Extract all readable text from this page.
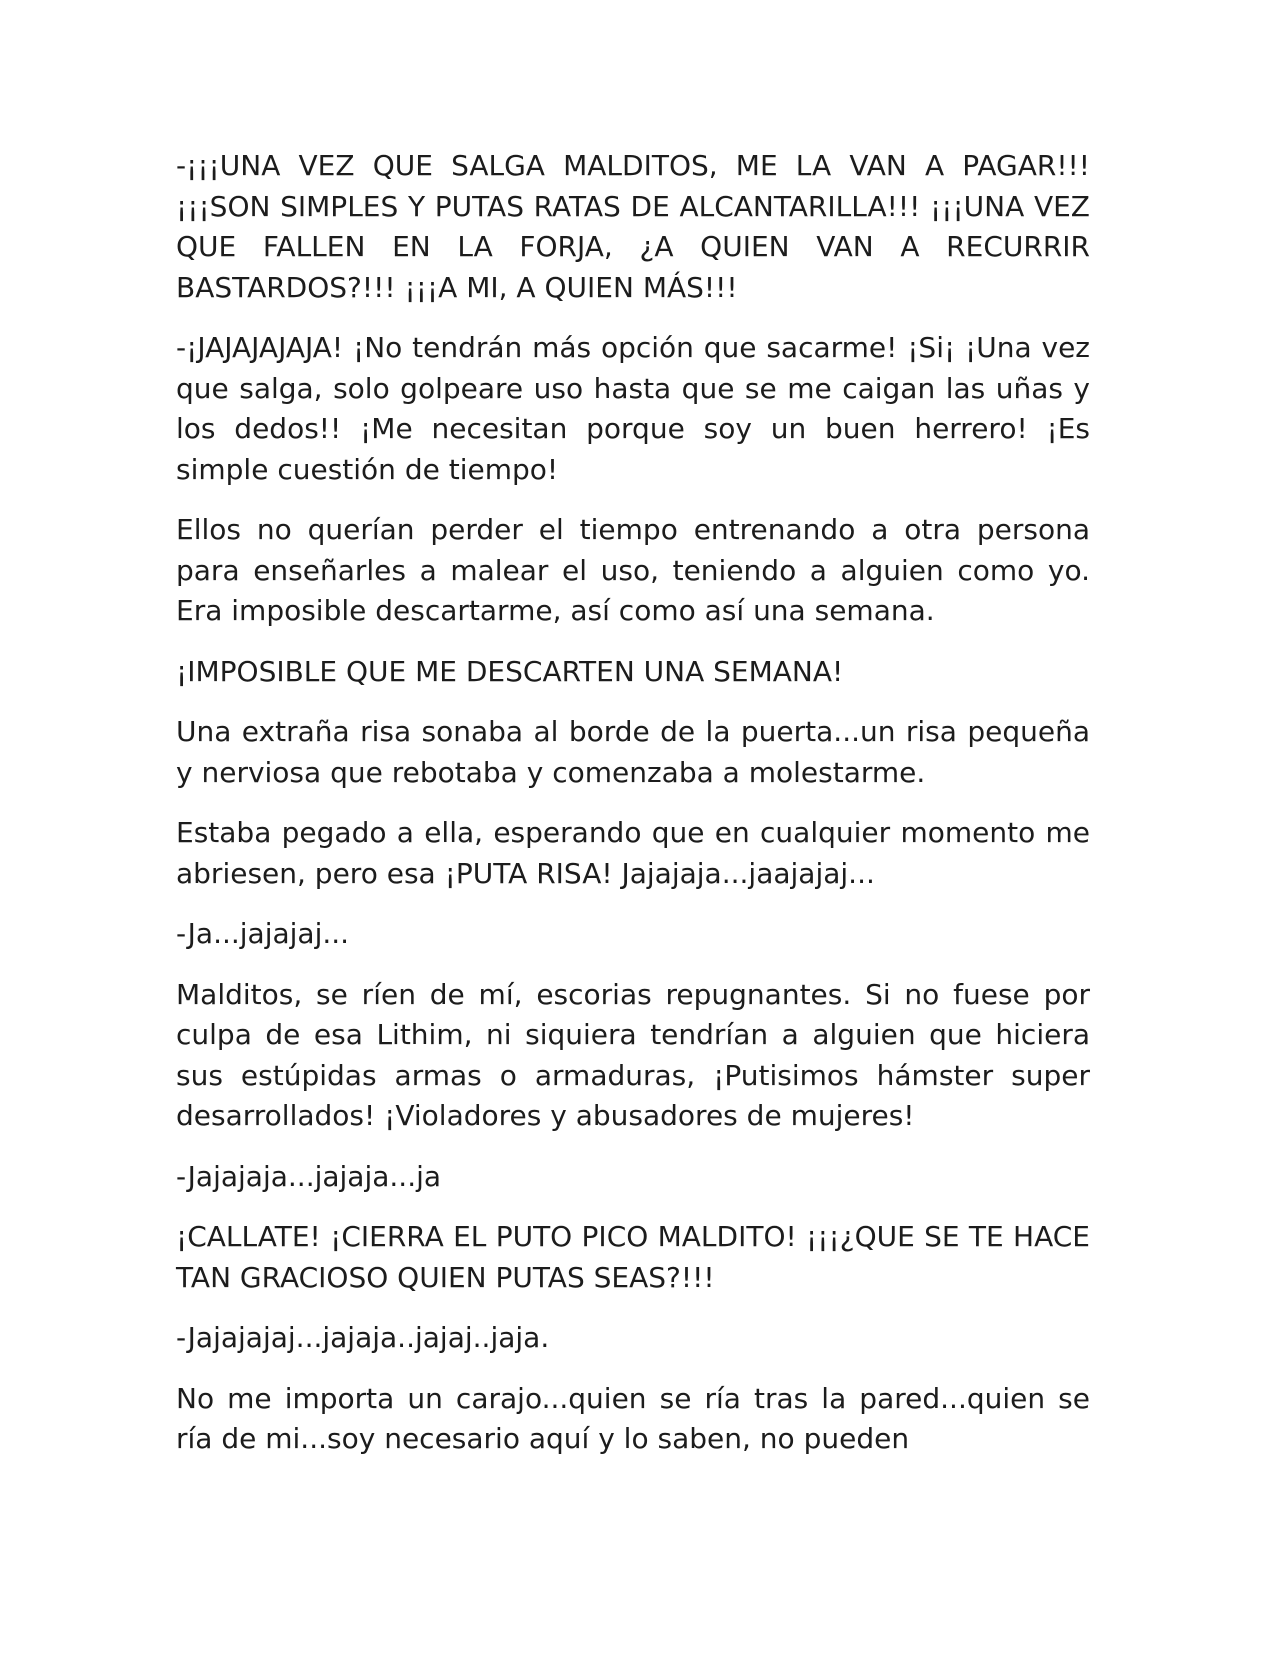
-¡¡¡UNA VEZ QUE SALGA MALDITOS, ME LA VAN A PAGAR!!! ¡¡¡SON SIMPLES Y PUTAS RATAS DE ALCANTARILLA!!! ¡¡¡UNA VEZ QUE FALLEN EN LA FORJA, ¿A QUIEN VAN A RECURRIR BASTARDOS?!!! ¡¡¡A MI, A QUIEN MÁS!!!

-¡JAJAJAJAJA! ¡No tendrán más opción que sacarme! ¡Si¡ ¡Una vez que salga, solo golpeare uso hasta que se me caigan las uñas y los dedos!! ¡Me necesitan porque soy un buen herrero! ¡Es simple cuestión de tiempo!

Ellos no querían perder el tiempo entrenando a otra persona para enseñarles a malear el uso, teniendo a alguien como yo. Era imposible descartarme, así como así una semana.

¡IMPOSIBLE QUE ME DESCARTEN UNA SEMANA!

Una extraña risa sonaba al borde de la puerta...un risa pequeña y nerviosa que rebotaba y comenzaba a molestarme.

Estaba pegado a ella, esperando que en cualquier momento me abriesen, pero esa ¡PUTA RISA! Jajajaja...jaajajaj...

-Ja...jajajaj...

Malditos, se ríen de mí, escorias repugnantes. Si no fuese por culpa de esa Lithim, ni siquiera tendrían a alguien que hiciera sus estúpidas armas o armaduras, ¡Putisimos hámster super desarrollados! ¡Violadores y abusadores de mujeres!

-Jajajaja...jajaja...ja

¡CALLATE! ¡CIERRA EL PUTO PICO MALDITO! ¡¡¡¿QUE SE TE HACE TAN GRACIOSO QUIEN PUTAS SEAS?!!!

-Jajajajaj...jajaja..jajaj..jaja.

No me importa un carajo...quien se ría tras la pared...quien se ría de mi...soy necesario aquí y lo saben, no pueden
